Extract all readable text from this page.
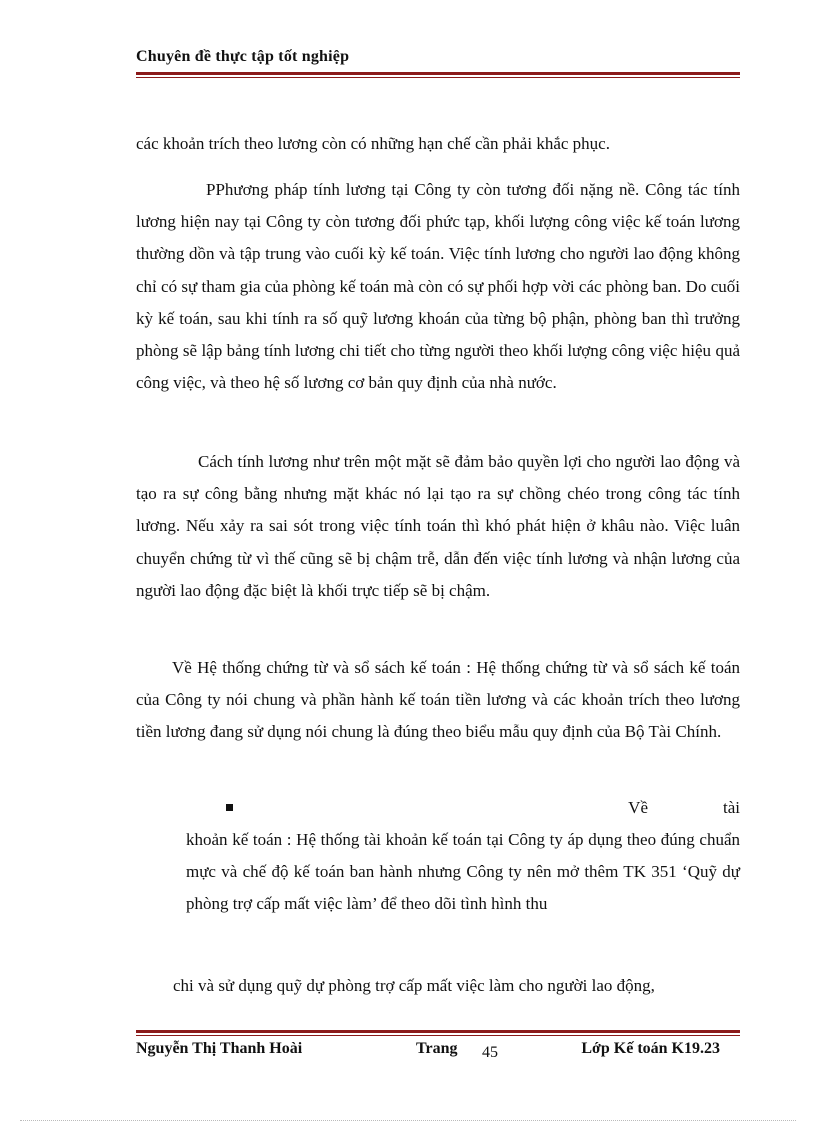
Chuyên đề thực tập tốt nghiệp

các khoản trích theo lương còn có những hạn chế cần phải khắc phục.

PPhương pháp tính lương tại Công ty còn tương đối nặng nề. Công tác tính lương hiện nay tại Công ty còn tương đối phức tạp, khối lượng công việc kế toán lương thường dồn và tập trung vào cuối kỳ kế toán. Việc tính lương cho người lao động không chỉ có sự tham gia của phòng kế toán mà còn có sự phối hợp vời các phòng ban. Do cuối kỳ kế toán, sau khi tính ra số quỹ lương khoán của từng bộ phận, phòng ban thì trưởng phòng sẽ lập bảng tính lương chi tiết cho từng người theo khối lượng công việc hiệu quả công việc, và theo hệ số lương cơ bản quy định của nhà nước.

Cách tính lương như trên một mặt sẽ đảm bảo quyền lợi cho người lao động và tạo ra sự công bằng nhưng mặt khác nó lại tạo ra sự chồng chéo trong công tác tính lương. Nếu xảy ra sai sót trong việc tính toán thì khó phát hiện ở khâu nào. Việc luân chuyển chứng từ vì thế cũng sẽ bị chậm trễ, dẫn đến việc tính lương và nhận lương của người lao động đặc biệt là khối trực tiếp sẽ bị chậm.

Về Hệ thống chứng từ và sổ sách kế toán : Hệ thống chứng từ và sổ sách kế toán của Công ty nói chung và phần hành kế toán tiền lương và các khoản trích theo lương tiền lương đang sử dụng nói chung là đúng theo biểu mẫu quy định của Bộ Tài Chính.

Về	tài

khoản kế toán : Hệ thống tài khoản kế toán tại Công ty áp dụng theo đúng chuẩn mực và chế độ kế toán ban hành nhưng Công ty nên mở thêm TK 351 ‘Quỹ dự phòng trợ cấp mất việc làm’ để theo dõi tình hình thu

chi và sử dụng quỹ dự phòng trợ cấp mất việc làm cho người lao động,

Nguyễn Thị Thanh Hoài	Trang 45	Lớp Kế toán K19.23
